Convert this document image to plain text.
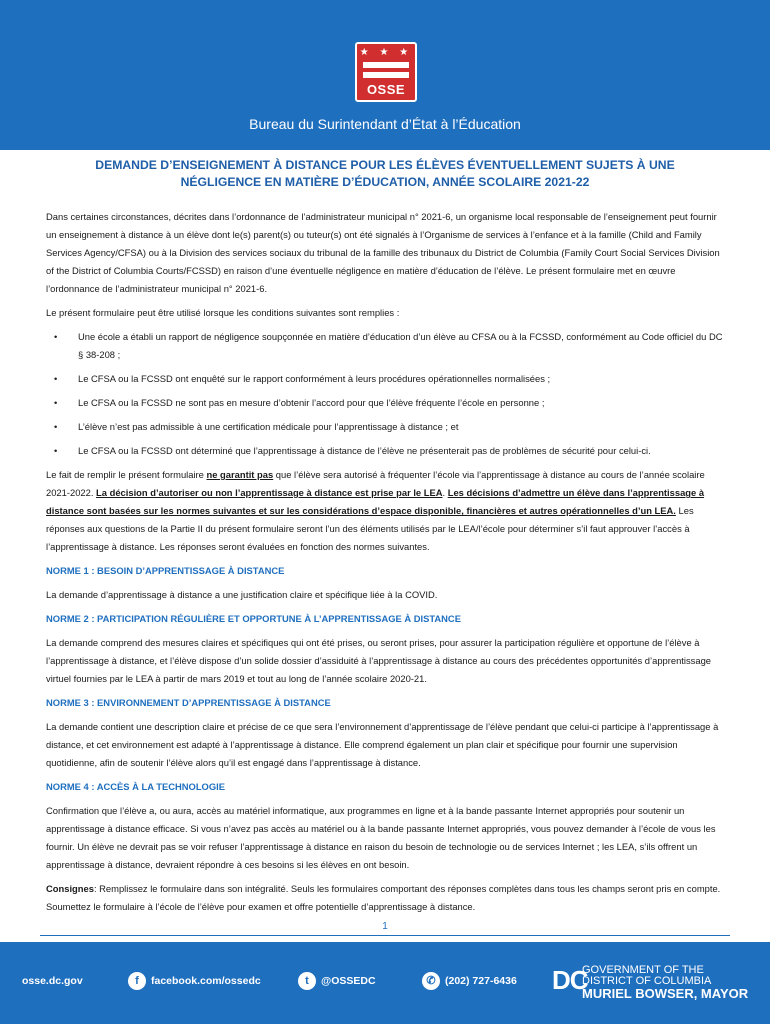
★ ★ ★
OSSE
Bureau du Surintendant d’État à l’Éducation
DEMANDE D’ENSEIGNEMENT À DISTANCE POUR LES ÉLÈVES ÉVENTUELLEMENT SUJETS À UNE
NÉGLIGENCE EN MATIÈRE D’ÉDUCATION, ANNÉE SCOLAIRE 2021-22

Dans certaines circonstances, décrites dans l’ordonnance de l’administrateur municipal n° 2021-6, un organisme local responsable de l’enseignement peut fournir un enseignement à distance à un élève dont le(s) parent(s) ou tuteur(s) ont été signalés à l’Organisme de services à l’enfance et à la famille (Child and Family Services Agency/CFSA) ou à la Division des services sociaux du tribunal de la famille des tribunaux du District de Columbia (Family Court Social Services Division of the District of Columbia Courts/FCSSD) en raison d’une éventuelle négligence en matière d’éducation de l’élève. Le présent formulaire met en œuvre l’ordonnance de l’administrateur municipal n° 2021-6.

Le présent formulaire peut être utilisé lorsque les conditions suivantes sont remplies :

• Une école a établi un rapport de négligence soupçonnée en matière d’éducation d’un élève au CFSA ou à la FCSSD, conformément au Code officiel du DC § 38-208 ;
• Le CFSA ou la FCSSD ont enquêté sur le rapport conformément à leurs procédures opérationnelles normalisées ;
• Le CFSA ou la FCSSD ne sont pas en mesure d’obtenir l’accord pour que l’élève fréquente l’école en personne ;
• L’élève n’est pas admissible à une certification médicale pour l’apprentissage à distance ; et
• Le CFSA ou la FCSSD ont déterminé que l’apprentissage à distance de l’élève ne présenterait pas de problèmes de sécurité pour celui-ci.

Le fait de remplir le présent formulaire ne garantit pas que l’élève sera autorisé à fréquenter l’école via l’apprentissage à distance au cours de l’année scolaire 2021-2022. La décision d’autoriser ou non l’apprentissage à distance est prise par le LEA. Les décisions d’admettre un élève dans l’apprentissage à distance sont basées sur les normes suivantes et sur les considérations d’espace disponible, financières et autres opérationnelles d’un LEA. Les réponses aux questions de la Partie II du présent formulaire seront l’un des éléments utilisés par le LEA/l’école pour déterminer s’il faut approuver l’accès à l’apprentissage à distance. Les réponses seront évaluées en fonction des normes suivantes.

NORME 1 : BESOIN D’APPRENTISSAGE À DISTANCE

La demande d’apprentissage à distance a une justification claire et spécifique liée à la COVID.

NORME 2 : PARTICIPATION RÉGULIÈRE ET OPPORTUNE À L’APPRENTISSAGE À DISTANCE

La demande comprend des mesures claires et spécifiques qui ont été prises, ou seront prises, pour assurer la participation régulière et opportune de l’élève à l’apprentissage à distance, et l’élève dispose d’un solide dossier d’assiduité à l’apprentissage à distance au cours des précédentes opportunités d’apprentissage virtuel fournies par le LEA à partir de mars 2019 et tout au long de l’année scolaire 2020-21.

NORME 3 : ENVIRONNEMENT D’APPRENTISSAGE À DISTANCE

La demande contient une description claire et précise de ce que sera l’environnement d’apprentissage de l’élève pendant que celui-ci participe à l’apprentissage à distance, et cet environnement est adapté à l’apprentissage à distance. Elle comprend également un plan clair et spécifique pour fournir une supervision quotidienne, afin de soutenir l’élève alors qu’il est engagé dans l’apprentissage à distance.

NORME 4 : ACCÈS À LA TECHNOLOGIE

Confirmation que l’élève a, ou aura, accès au matériel informatique, aux programmes en ligne et à la bande passante Internet appropriés pour soutenir un apprentissage à distance efficace. Si vous n’avez pas accès au matériel ou à la bande passante Internet appropriés, vous pouvez demander à l’école de vous les fournir. Un élève ne devrait pas se voir refuser l’apprentissage à distance en raison du besoin de technologie ou de services Internet ; les LEA, s’ils offrent un apprentissage à distance, devraient répondre à ces besoins si les élèves en ont besoin.

Consignes: Remplissez le formulaire dans son intégralité. Seuls les formulaires comportant des réponses complètes dans tous les champs seront pris en compte. Soumettez le formulaire à l’école de l’élève pour examen et offre potentielle d’apprentissage à distance.

1
osse.dc.gov	f	facebook.com/ossedc	t	@OSSEDC	✆ (202) 727-6436 DC
GOVERNMENT OF THE
DISTRICT OF COLUMBIA
MURIEL BOWSER, MAYOR
